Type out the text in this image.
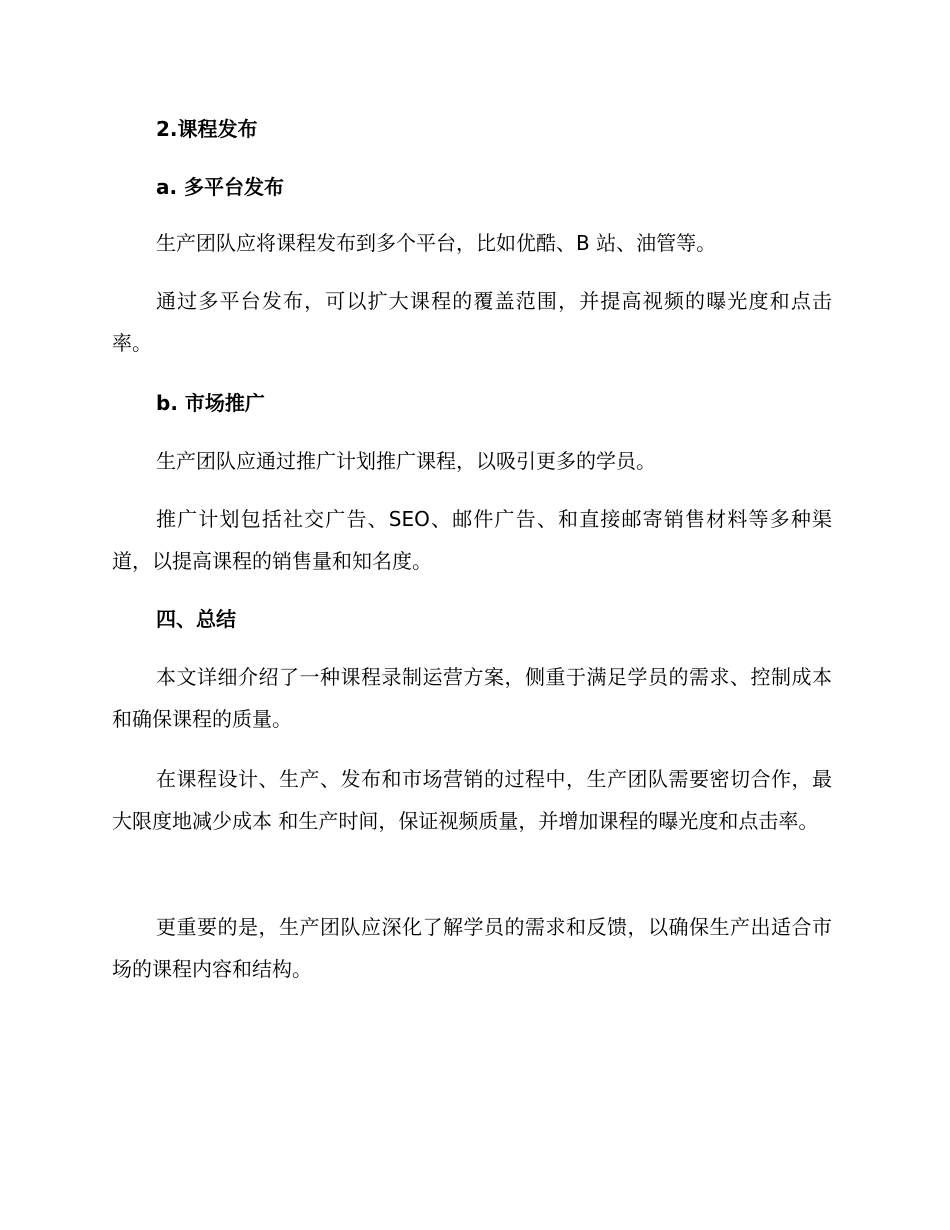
2.课程发布
a. 多平台发布

生产团队应将课程发布到多个平台，比如优酷、B 站、油管等。

通过多平台发布，可以扩大课程的覆盖范围，并提高视频的曝光度和点击率。

b. 市场推广

生产团队应通过推广计划推广课程，以吸引更多的学员。

推广计划包括社交广告、SEO、邮件广告、和直接邮寄销售材料等多种渠道，以提高课程的销售量和知名度。

四、总结

本文详细介绍了一种课程录制运营方案，侧重于满足学员的需求、控制成本和确保课程的质量。

在课程设计、生产、发布和市场营销的过程中，生产团队需要密切合作，最大限度地减少成本 和生产时间，保证视频质量，并增加课程的曝光度和点击率。

更重要的是，生产团队应深化了解学员的需求和反馈，以确保生产出适合市场的课程内容和结构。
